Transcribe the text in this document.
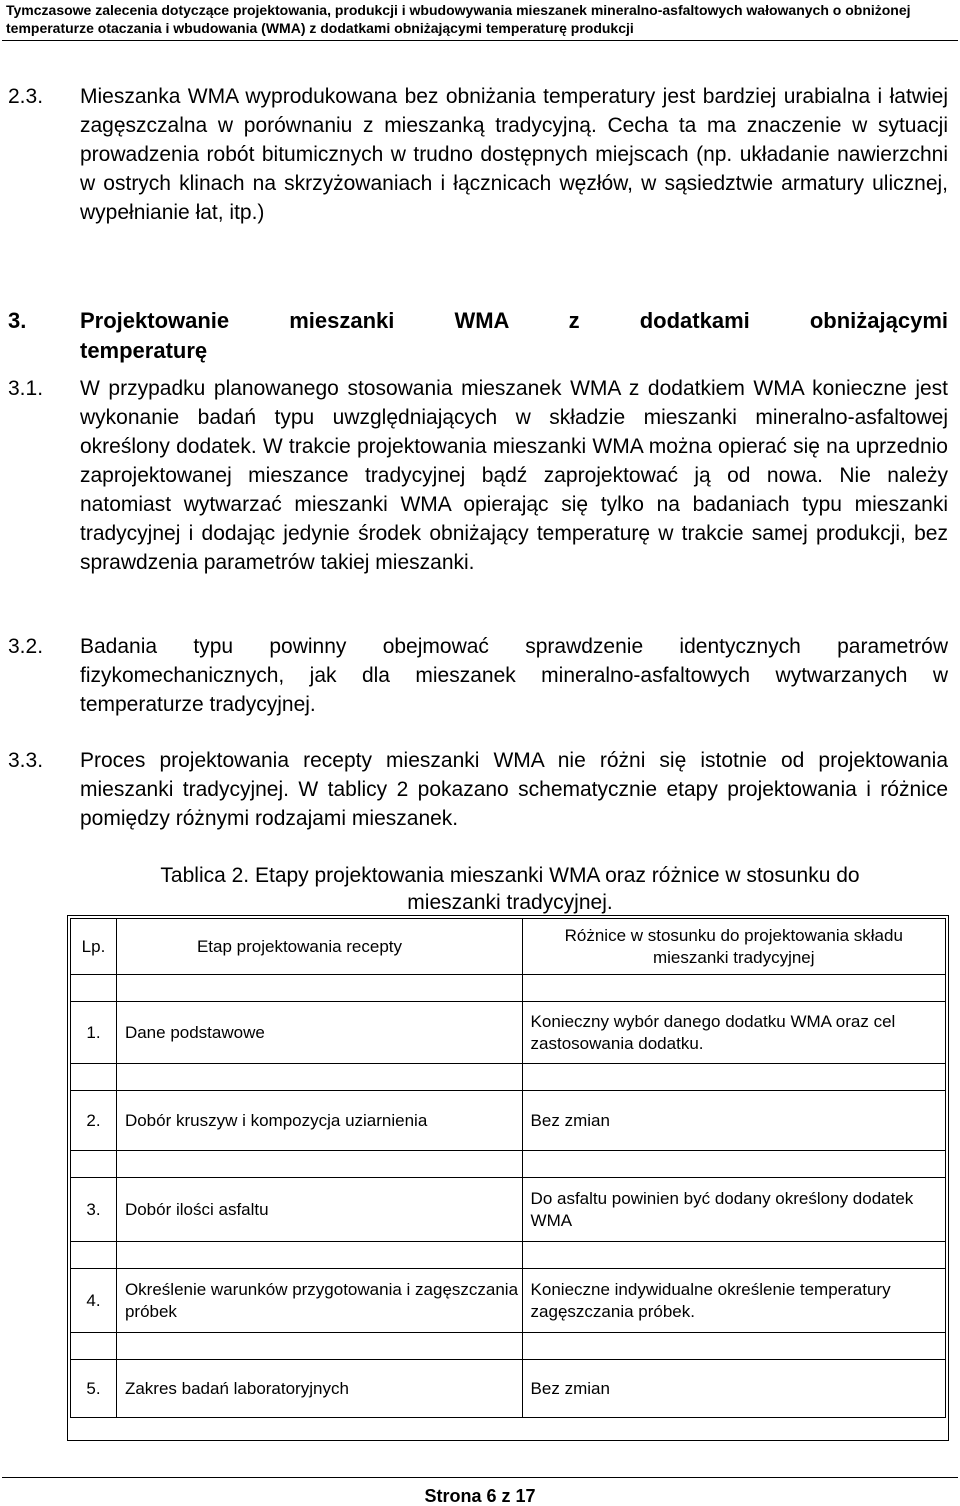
Tymczasowe zalecenia dotyczące projektowania, produkcji i wbudowywania mieszanek mineralno-asfaltowych wałowanych o obniżonej
temperaturze otaczania i wbudowania (WMA) z dodatkami obniżającymi temperaturę produkcji
2.3. Mieszanka WMA wyprodukowana bez obniżania temperatury jest bardziej urabialna i łatwiej zagęszczalna w porównaniu z mieszanką tradycyjną. Cecha ta ma znaczenie w sytuacji prowadzenia robót bitumicznych w trudno dostępnych miejscach (np. układanie nawierzchni w ostrych klinach na skrzyżowaniach i łącznicach węzłów, w sąsiedztwie armatury ulicznej, wypełnianie łat, itp.)
3. Projektowanie mieszanki WMA z dodatkami obniżającymi
temperaturę
3.1. W przypadku planowanego stosowania mieszanek WMA z dodatkiem WMA konieczne jest wykonanie badań typu uwzględniających w składzie mieszanki mineralno-asfaltowej określony dodatek. W trakcie projektowania mieszanki WMA można opierać się na uprzednio zaprojektowanej mieszance tradycyjnej bądź zaprojektować ją od nowa. Nie należy natomiast wytwarzać mieszanki WMA opierając się tylko na badaniach typu mieszanki tradycyjnej i dodając jedynie środek obniżający temperaturę w trakcie samej produkcji, bez sprawdzenia parametrów takiej mieszanki.
3.2. Badania typu powinny obejmować sprawdzenie identycznych parametrów fizykomechanicznych, jak dla mieszanek mineralno-asfaltowych wytwarzanych w temperaturze tradycyjnej.
3.3. Proces projektowania recepty mieszanki WMA nie różni się istotnie od projektowania mieszanki tradycyjnej. W tablicy 2 pokazano schematycznie etapy projektowania i różnice pomiędzy różnymi rodzajami mieszanek.
Tablica 2. Etapy projektowania mieszanki WMA oraz różnice w stosunku do
mieszanki tradycyjnej.
Lp.	Etap projektowania recepty	Różnice w stosunku do projektowania składu mieszanki tradycyjnej

1.	Dane podstawowe	Konieczny wybór danego dodatku WMA oraz cel zastosowania dodatku.

2.	Dobór kruszyw i kompozycja uziarnienia	Bez zmian

3.	Dobór ilości asfaltu	Do asfaltu powinien być dodany określony dodatek WMA

4.	Określenie warunków przygotowania i zagęszczania próbek	Konieczne indywidualne określenie temperatury zagęszczania próbek.

5.	Zakres badań laboratoryjnych	Bez zmian
Strona 6 z 17
